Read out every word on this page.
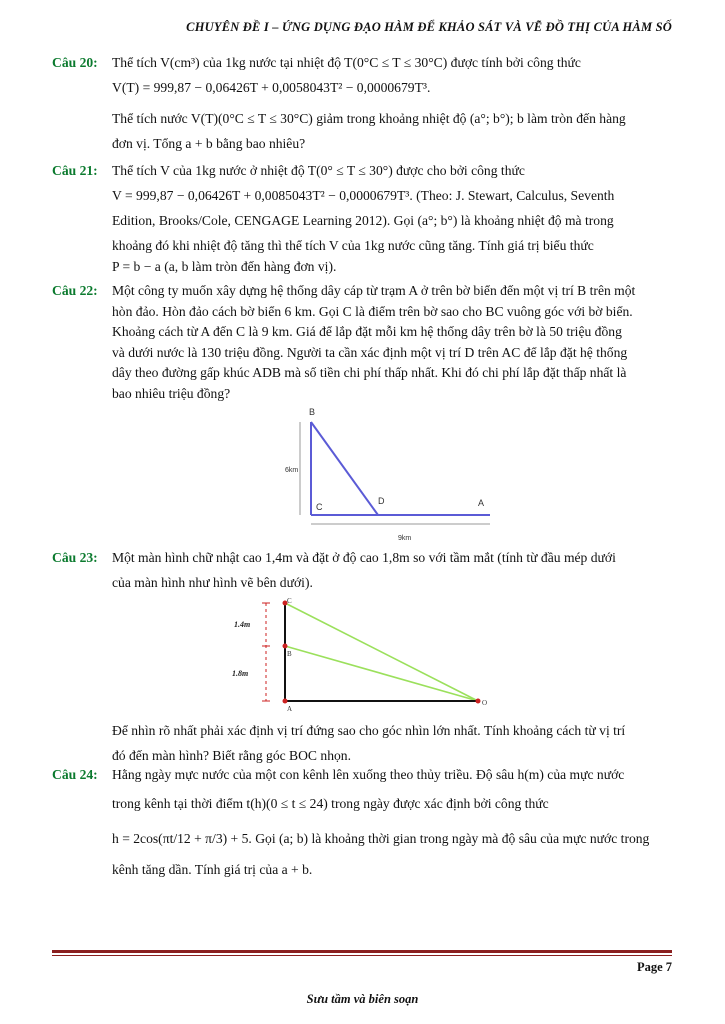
CHUYÊN ĐỀ I – ỨNG DỤNG ĐẠO HÀM ĐỂ KHẢO SÁT VÀ VẼ ĐỒ THỊ CỦA HÀM SỐ
Câu 20:	Thể tích V(cm³) của 1kg nước tại nhiệt độ T(0°C ≤ T ≤ 30°C) được tính bởi công thức
V(T) = 999,87 − 0,06426T + 0,0058043T² − 0,0000679T³.
Thể tích nước V(T)(0°C ≤ T ≤ 30°C) giảm trong khoảng nhiệt độ (a°; b°); b làm tròn đến hàng
đơn vị. Tổng a + b bằng bao nhiêu?
Câu 21:	Thể tích V của 1kg nước ở nhiệt độ T(0° ≤ T ≤ 30°) được cho bởi công thức
V = 999,87 − 0,06426T + 0,0085043T² − 0,0000679T³. (Theo: J. Stewart, Calculus, Seventh
Edition, Brooks/Cole, CENGAGE Learning 2012). Gọi (a°; b°) là khoảng nhiệt độ mà trong
khoảng đó khi nhiệt độ tăng thì thể tích V của 1kg nước cũng tăng. Tính giá trị biểu thức
P = b − a (a, b làm tròn đến hàng đơn vị).
Câu 22:	Một công ty muốn xây dựng hệ thống dây cáp từ trạm A ở trên bờ biển đến một vị trí B trên một
hòn đảo. Hòn đảo cách bờ biển 6 km. Gọi C là điểm trên bờ sao cho BC vuông góc với bờ biển.
Khoảng cách từ A đến C là 9 km. Giá để lắp đặt mỗi km hệ thống dây trên bờ là 50 triệu đồng
và dưới nước là 130 triệu đồng. Người ta cần xác định một vị trí D trên AC để lắp đặt hệ thống
dây theo đường gấp khúc ADB mà số tiền chi phí thấp nhất. Khi đó chi phí lắp đặt thấp nhất là
bao nhiêu triệu đồng?
B
C
D	A
6km
9km
Câu 23:	Một màn hình chữ nhật cao 1,4m và đặt ở độ cao 1,8m so với tầm mắt (tính từ đầu mép dưới
của màn hình như hình vẽ bên dưới).
C
B
A
O
1.4m
1.8m
Để nhìn rõ nhất phải xác định vị trí đứng sao cho góc nhìn lớn nhất. Tính khoảng cách từ vị trí
đó đến màn hình? Biết rằng góc BOC nhọn.
Câu 24:	Hằng ngày mực nước của một con kênh lên xuống theo thủy triều. Độ sâu h(m) của mực nước
trong kênh tại thời điểm t(h)(0 ≤ t ≤ 24) trong ngày được xác định bởi công thức
h = 2cos(πt/12 + π/3) + 5. Gọi (a; b) là khoảng thời gian trong ngày mà độ sâu của mực nước trong
kênh tăng dần. Tính giá trị của a + b.
Page 7
Sưu tầm và biên soạn
